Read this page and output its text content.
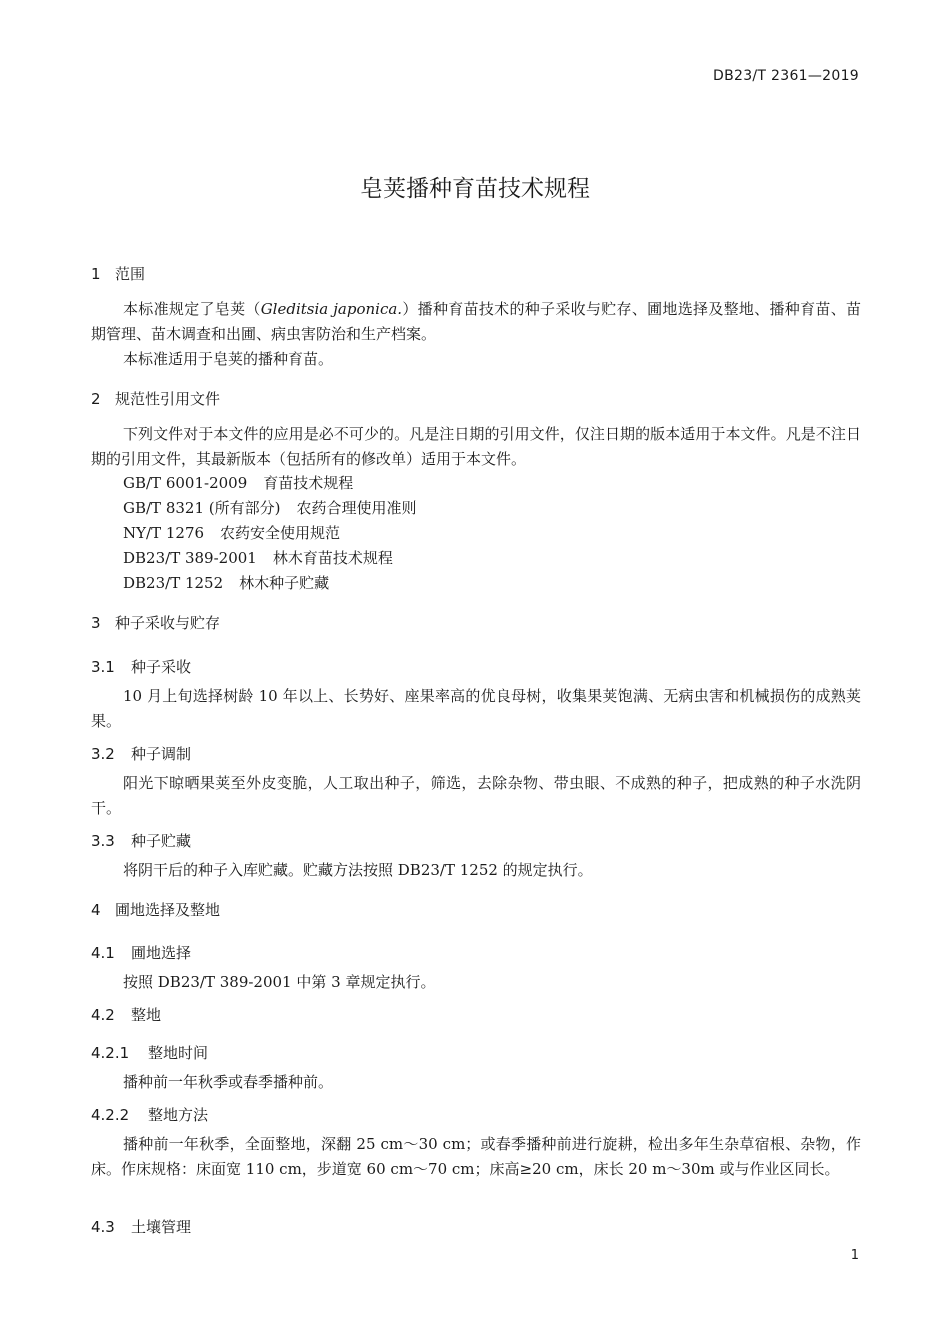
DB23/T 2361—2019
皂荚播种育苗技术规程
1 范围
本标准规定了皂荚（Gleditsia japonica.）播种育苗技术的种子采收与贮存、圃地选择及整地、播种育苗、苗期管理、苗木调查和出圃、病虫害防治和生产档案。
本标准适用于皂荚的播种育苗。
2 规范性引用文件
下列文件对于本文件的应用是必不可少的。凡是注日期的引用文件，仅注日期的版本适用于本文件。凡是不注日期的引用文件，其最新版本（包括所有的修改单）适用于本文件。
GB/T 6001-2009 育苗技术规程
GB/T 8321 (所有部分) 农药合理使用准则
NY/T 1276 农药安全使用规范
DB23/T 389-2001 林木育苗技术规程
DB23/T 1252 林木种子贮藏
3 种子采收与贮存
3.1 种子采收
10 月上旬选择树龄 10 年以上、长势好、座果率高的优良母树，收集果荚饱满、无病虫害和机械损伤的成熟荚果。
3.2 种子调制
阳光下晾晒果荚至外皮变脆，人工取出种子，筛选，去除杂物、带虫眼、不成熟的种子，把成熟的种子水洗阴干。
3.3 种子贮藏
将阴干后的种子入库贮藏。贮藏方法按照 DB23/T 1252 的规定执行。
4 圃地选择及整地
4.1 圃地选择
按照 DB23/T 389-2001 中第 3 章规定执行。
4.2 整地
4.2.1 整地时间
播种前一年秋季或春季播种前。
4.2.2 整地方法
播种前一年秋季，全面整地，深翻 25 cm～30 cm；或春季播种前进行旋耕，检出多年生杂草宿根、杂物，作床。作床规格：床面宽 110 cm，步道宽 60 cm～70 cm；床高≥20 cm，床长 20 m～30m 或与作业区同长。
4.3 土壤管理
1
